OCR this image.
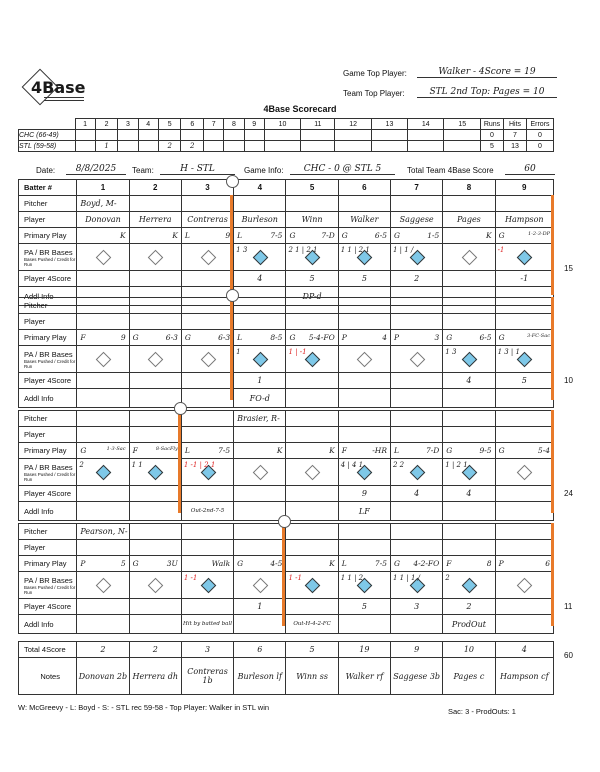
4Base
Game Top Player:	Walker - 4Score = 19
Team Top Player:	STL 2nd Top: Pages = 10
4Base Scorecard
	1	2	3	4	5	6	7	8	9	10	11	12	13	14	15	Runs	Hits	Errors
CHC (66-49)																0	7	0
STL (59-58)		1			2	2										5	13	0
Date:	8/8/2025	Team:	H - STL	Game Info:	CHC - 0 @ STL 5	Total Team 4Base Score	60
Batter #	1	2	3	4	5	6	7	8	9
Pitcher	Boyd, M-								
Player	Donovan	Herrera	Contreras	Burleson	Winn	Walker	Saggese	Pages	Hampson
Primary Play	K	K	L 9	L 7-5	G 7-D	G 6-5	G 1-5	K	G 1-2-3-DP

PA / BR Bases
Bases Pushed / Credit for Run				1 3	2 1 | 2 1	1 1 | 2 1	1 | 1 /		-1

Player 4Score				4	5	5	2		-1
Addl Info					DP-d				
Pitcher									
Player									
Primary Play	F 9	G 6-3	G 6-3	L 8-5	G 5-4-FO	P 4	P 3	G 6-5	G 3-FC-Sac

PA / BR Bases
Bases Pushed / Credit for Run				1	1 | -1			1 3	1 3 | 1

Player 4Score				1				4	5
Addl Info				FO-d					
Pitcher				Brasier, R-					
Player									
Primary Play	G 1-3-Sac	F 8-SacFly	L 7-5	K	K	F -HR	L 7-D	G 9-5	G 5-4

PA / BR Bases
Bases Pushed / Credit for Run	2	1 1	1 -1 | 2 1			4 | 4 1	2 2	1 | 2 1	

Player 4Score						9	4	4	
Addl Info			Out-2nd-7-5			LF			
Pitcher	Pearson, N-								
Player									
Primary Play	P 5	G 3U	Walk	G 4-5	K	L 7-5	G 4-2-FO	F 8	P 6

PA / BR Bases
Bases Pushed / Credit for Run			1 -1		1 -1	1 1 | 2	1 1 | 1 /	2	

Player 4Score				1		5	3	2	
Addl Info			Hit by batted ball		Out-H-4-2-FC			ProdOut	
Total 4Score	2	2	3	6	5	19	9	10	4
Notes	Donovan 2b	Herrera dh	Contreras 1b	Burleson lf	Winn ss	Walker rf	Saggese 3b	Pages c	Hampson cf
15
10
24
11
60
W: McGreevy - L: Boyd - S: - STL rec 59-58 - Top Player: Walker in STL win	Sac: 3 - ProdOuts: 1
